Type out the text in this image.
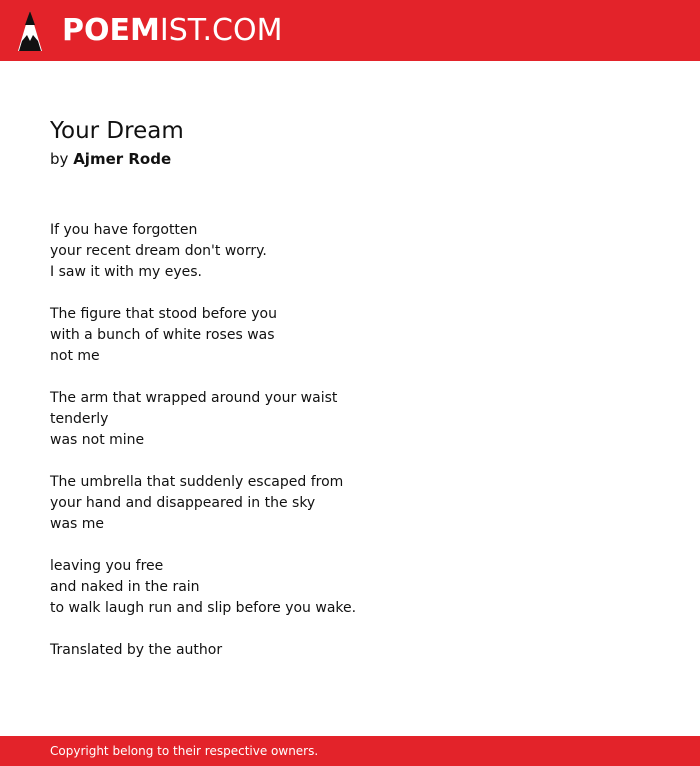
POEMIST.COM
Your Dream
by Ajmer Rode
If you have forgotten
your recent dream don't worry.
I saw it with my eyes.
The figure that stood before you
with a bunch of white roses was
not me
The arm that wrapped around your waist
tenderly
was not mine
The umbrella that suddenly escaped from
your hand and disappeared in the sky
was me
leaving you free
and naked in the rain
to walk laugh run and slip before you wake.
Translated by the author
Copyright belong to their respective owners.
